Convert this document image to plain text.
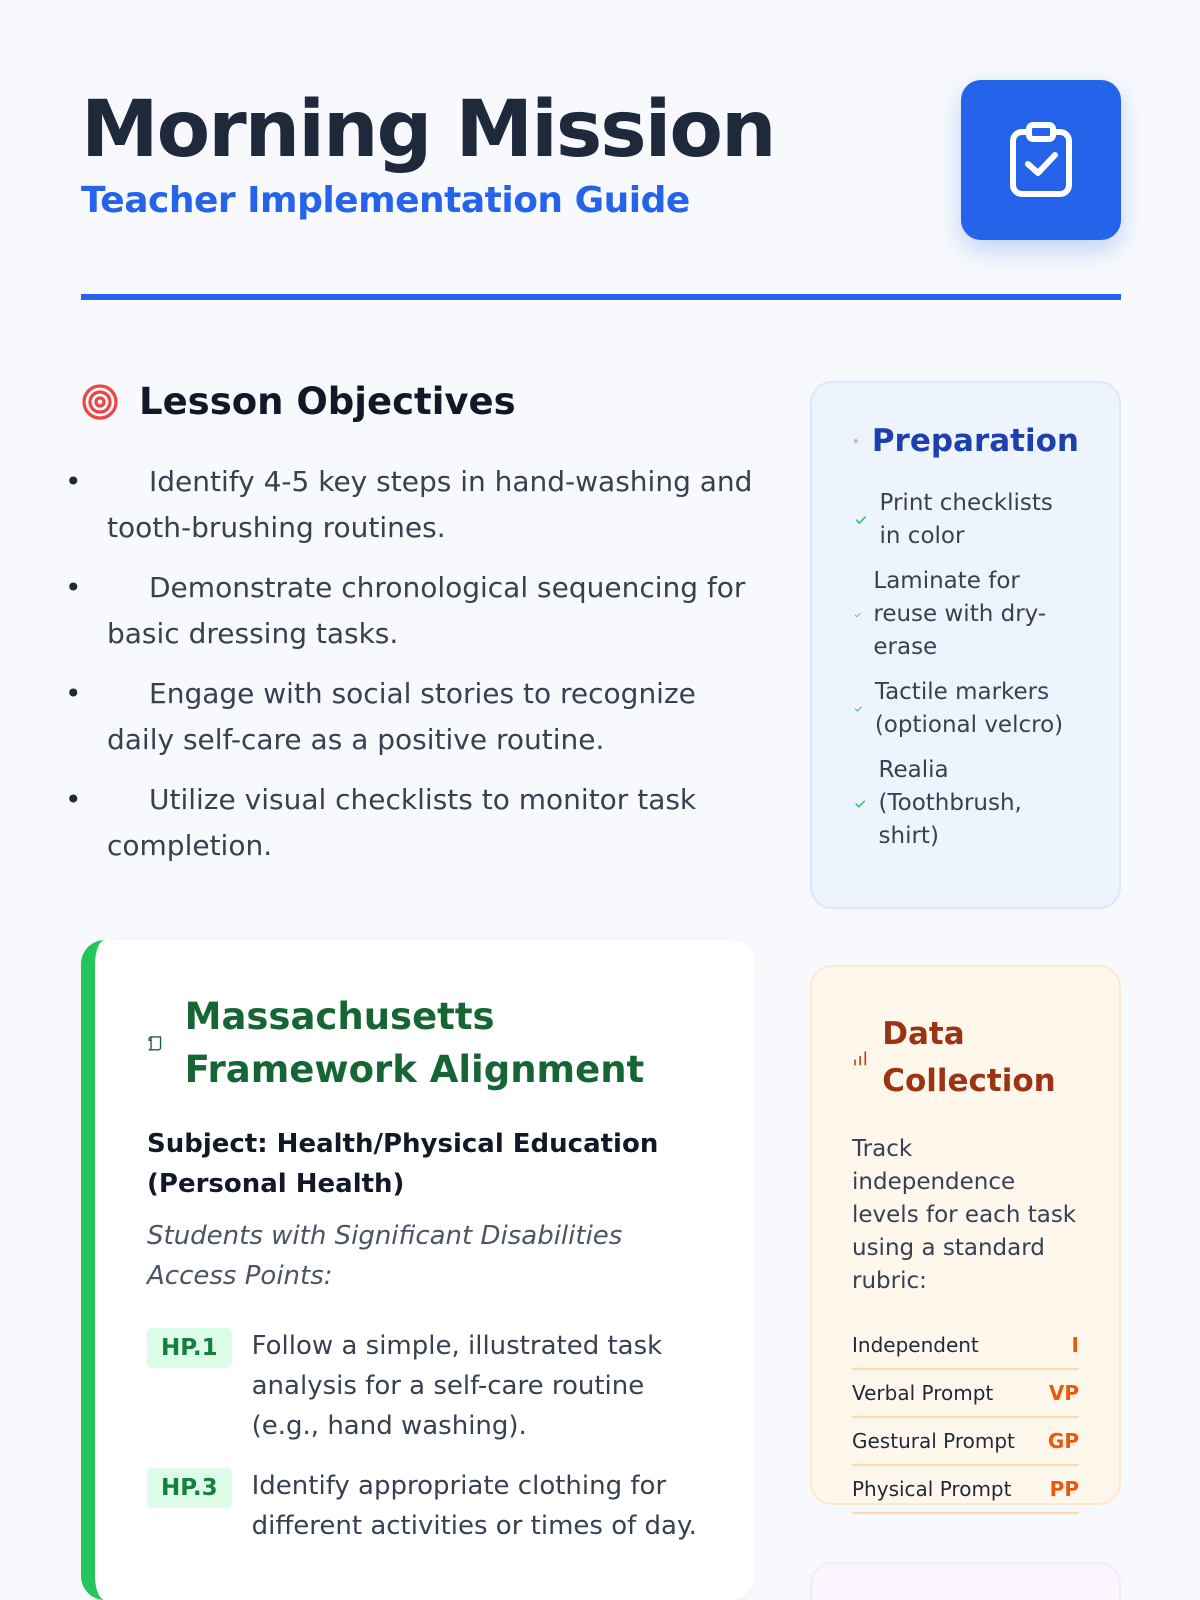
Morning Mission
Teacher Implementation Guide
Lesson Objectives
• Identify 4-5 key steps in hand-washing and tooth-brushing routines.
• Demonstrate chronological sequencing for basic dressing tasks.
• Engage with social stories to recognize daily self-care as a positive routine.
• Utilize visual checklists to monitor task completion.
Preparation
Print checklists in color
Laminate for reuse with dry-erase
Tactile markers (optional velcro)
Realia (Toothbrush, shirt)
Massachusetts Framework Alignment
Subject: Health/Physical Education (Personal Health)
Students with Significant Disabilities Access Points:
HP.1	Follow a simple, illustrated task analysis for a self-care routine (e.g., hand washing).
HP.3	Identify appropriate clothing for different activities or times of day.
Data Collection
Track independence levels for each task using a standard rubric:
Independent	I
Verbal Prompt	VP
Gestural Prompt GP
Physical Prompt PP
